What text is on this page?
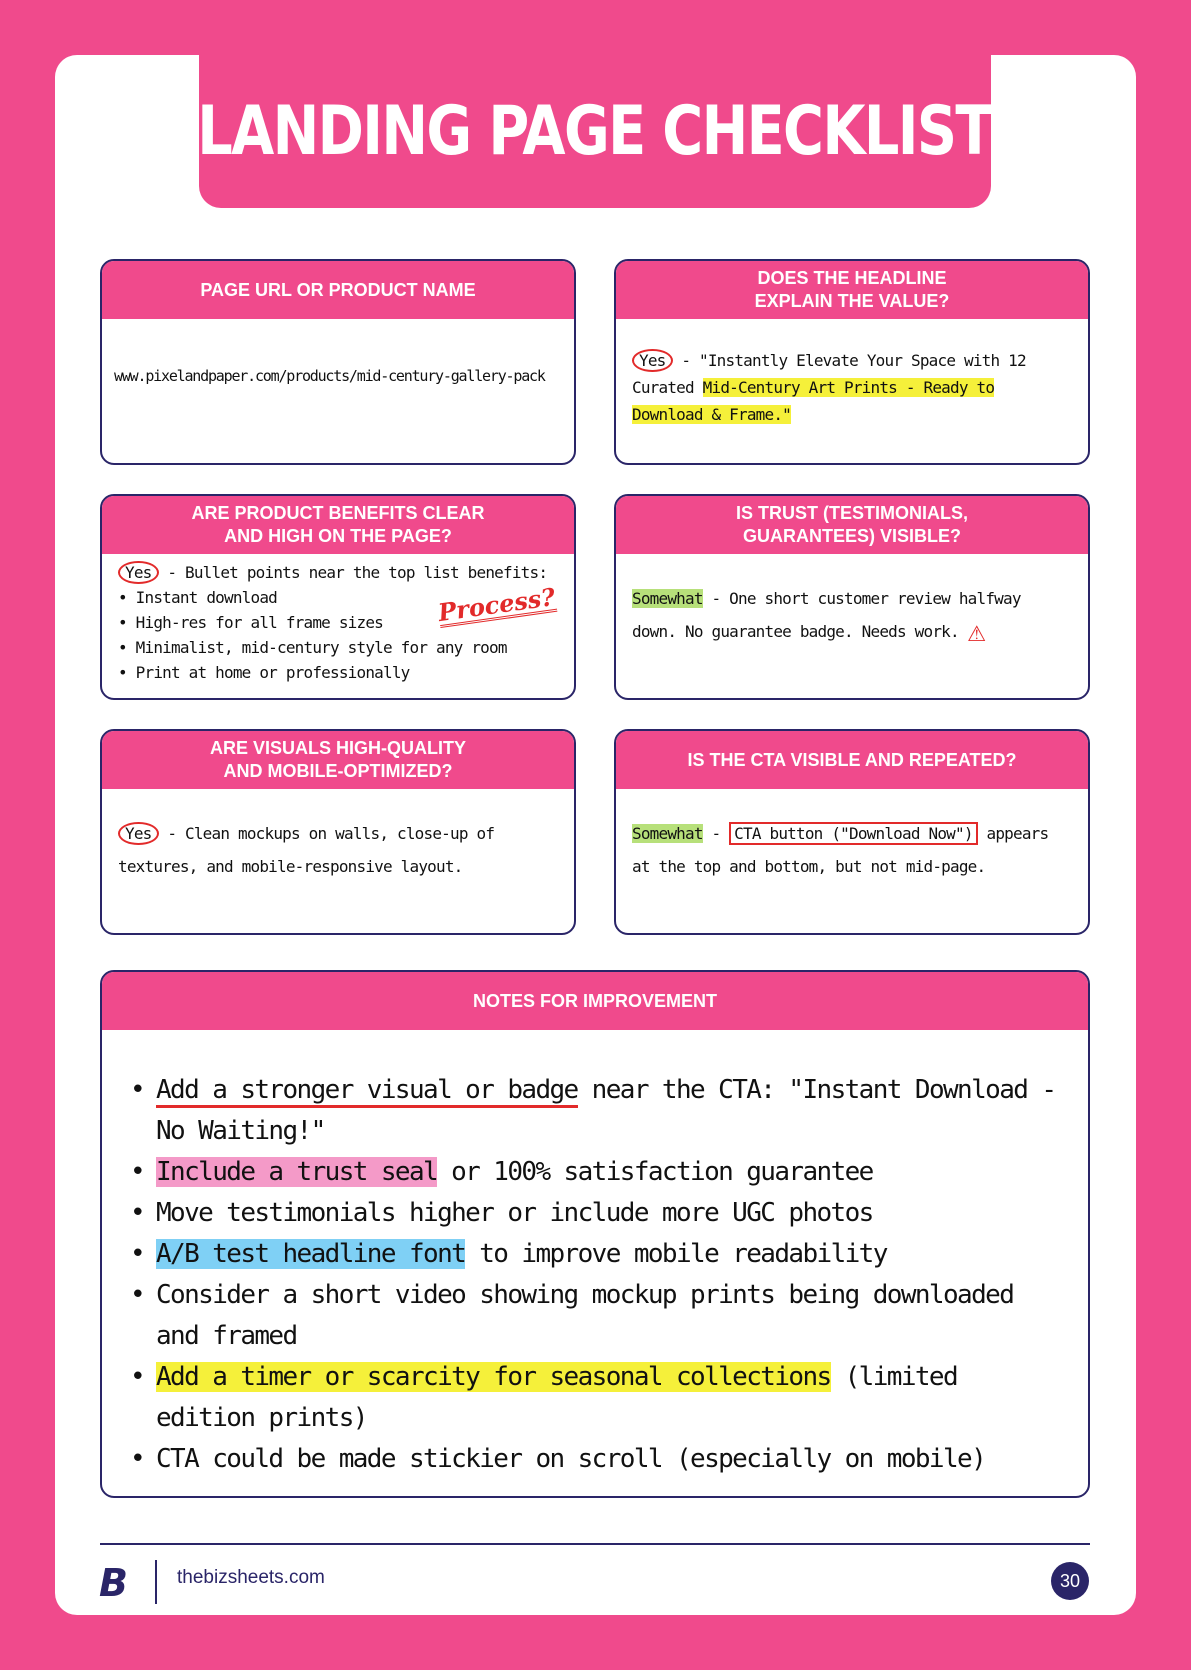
LANDING PAGE CHECKLIST
PAGE URL OR PRODUCT NAME
www.pixelandpaper.com/products/mid-century-gallery-pack
DOES THE HEADLINE
EXPLAIN THE VALUE?
Yes - "Instantly Elevate Your Space with 12 Curated Mid-Century Art Prints - Ready to Download & Frame."
ARE PRODUCT BENEFITS CLEAR
AND HIGH ON THE PAGE?
Yes - Bullet points near the top list benefits:
• Instant download
• High-res for all frame sizes
• Minimalist, mid-century style for any room
• Print at home or professionally
Process?
IS TRUST (TESTIMONIALS,
GUARANTEES) VISIBLE?
Somewhat - One short customer review halfway down. No guarantee badge. Needs work. ⚠
ARE VISUALS HIGH-QUALITY
AND MOBILE-OPTIMIZED?
Yes - Clean mockups on walls, close-up of textures, and mobile-responsive layout.
IS THE CTA VISIBLE AND REPEATED?
Somewhat - CTA button ("Download Now") appears at the top and bottom, but not mid-page.
NOTES FOR IMPROVEMENT
• Add a stronger visual or badge near the CTA: "Instant Download - No Waiting!"
• Include a trust seal or 100% satisfaction guarantee
• Move testimonials higher or include more UGC photos
• A/B test headline font to improve mobile readability
• Consider a short video showing mockup prints being downloaded and framed
• Add a timer or scarcity for seasonal collections (limited edition prints)
• CTA could be made stickier on scroll (especially on mobile)
B	thebizsheets.com	30
